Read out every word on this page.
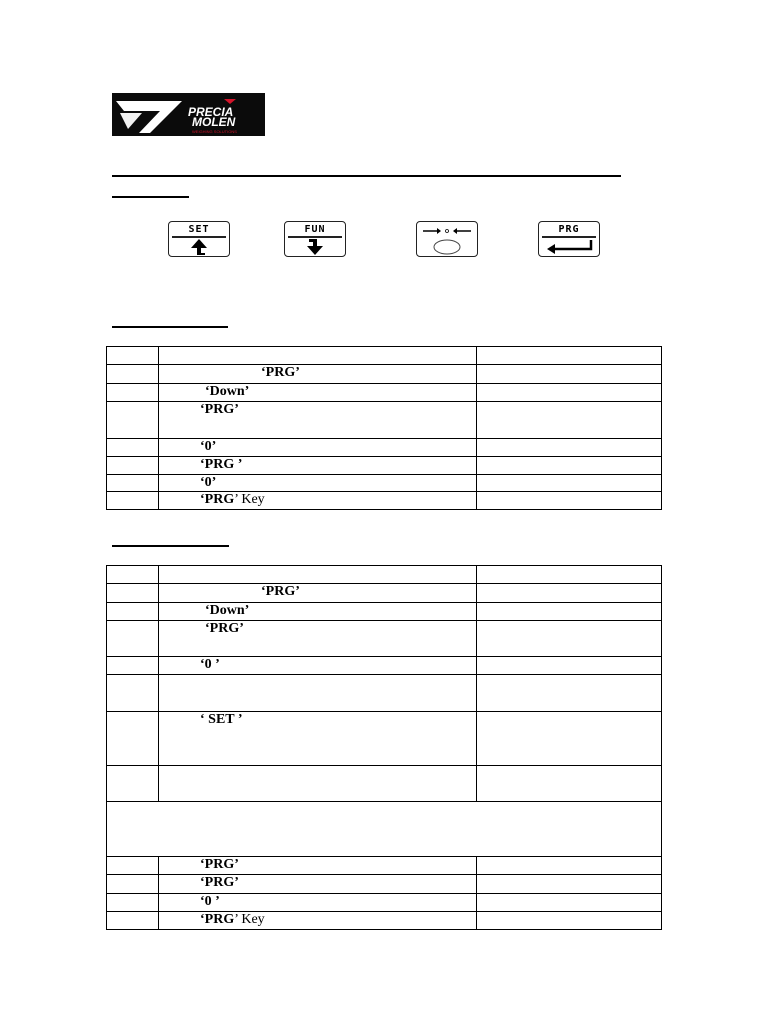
PRECIA
MOLEN
WEIGHING SOLUTIONS
SET	FUN	PRG

	‘PRG’	
	‘Down’	
	‘PRG’	
	‘0’	
	‘PRG ’	
	‘0’	
	‘PRG’ Key	

	‘PRG’	
	‘Down’	
	‘PRG’	
	‘0 ’	

	‘ SET ’	

	‘PRG’	
	‘PRG’	
	‘0 ’	
	‘PRG’ Key	
